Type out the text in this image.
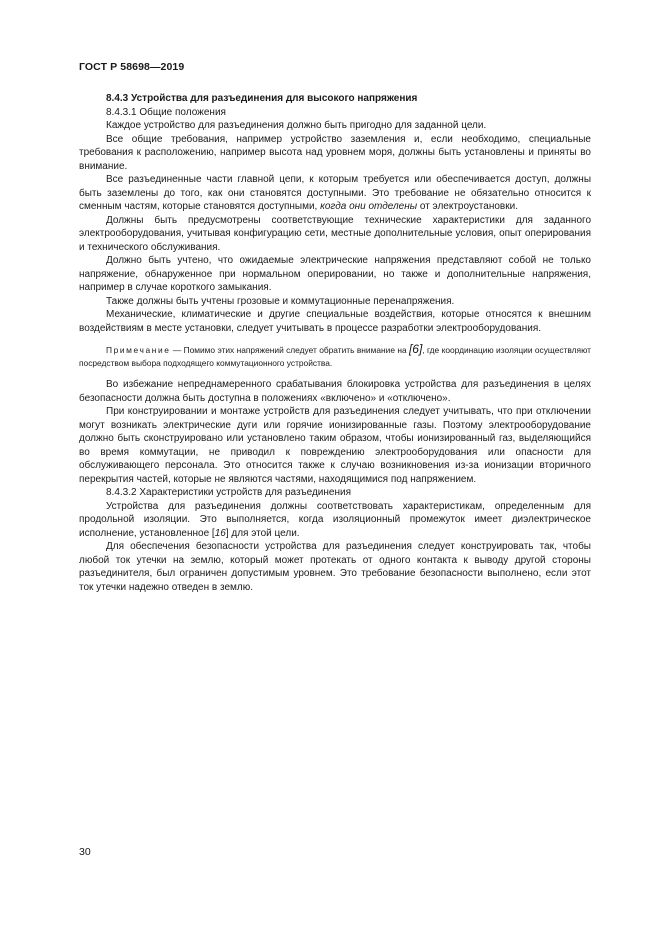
ГОСТ Р 58698—2019

8.4.3 Устройства для разъединения для высокого напряжения

8.4.3.1 Общие положения

Каждое устройство для разъединения должно быть пригодно для заданной цели.

Все общие требования, например устройство заземления и, если необходимо, специальные требования к расположению, например высота над уровнем моря, должны быть установлены и приняты во внимание.

Все разъединенные части главной цепи, к которым требуется или обеспечивается доступ, должны быть заземлены до того, как они становятся доступными. Это требование не обязательно относится к сменным частям, которые становятся доступными, когда они отделены от электроустановки.

Должны быть предусмотрены соответствующие технические характеристики для заданного электрооборудования, учитывая конфигурацию сети, местные дополнительные условия, опыт оперирования и технического обслуживания.

Должно быть учтено, что ожидаемые электрические напряжения представляют собой не только напряжение, обнаруженное при нормальном оперировании, но также и дополнительные напряжения, например в случае короткого замыкания.

Также должны быть учтены грозовые и коммутационные перенапряжения.

Механические, климатические и другие специальные воздействия, которые относятся к внешним воздействиям в месте установки, следует учитывать в процессе разработки электрооборудования.

Примечание — Помимо этих напряжений следует обратить внимание на [6], где координацию изоляции осуществляют посредством выбора подходящего коммутационного устройства.

Во избежание непреднамеренного срабатывания блокировка устройства для разъединения в целях безопасности должна быть доступна в положениях «включено» и «отключено».

При конструировании и монтаже устройств для разъединения следует учитывать, что при отключении могут возникать электрические дуги или горячие ионизированные газы. Поэтому электрооборудование должно быть сконструировано или установлено таким образом, чтобы ионизированный газ, выделяющийся во время коммутации, не приводил к повреждению электрооборудования или опасности для обслуживающего персонала. Это относится также к случаю возникновения из-за ионизации вторичного перекрытия частей, которые не являются частями, находящимися под напряжением.

8.4.3.2 Характеристики устройств для разъединения

Устройства для разъединения должны соответствовать характеристикам, определенным для продольной изоляции. Это выполняется, когда изоляционный промежуток имеет диэлектрическое исполнение, установленное [16] для этой цели.

Для обеспечения безопасности устройства для разъединения следует конструировать так, чтобы любой ток утечки на землю, который может протекать от одного контакта к выводу другой стороны разъединителя, был ограничен допустимым уровнем. Это требование безопасности выполнено, если этот ток утечки надежно отведен в землю.

30
